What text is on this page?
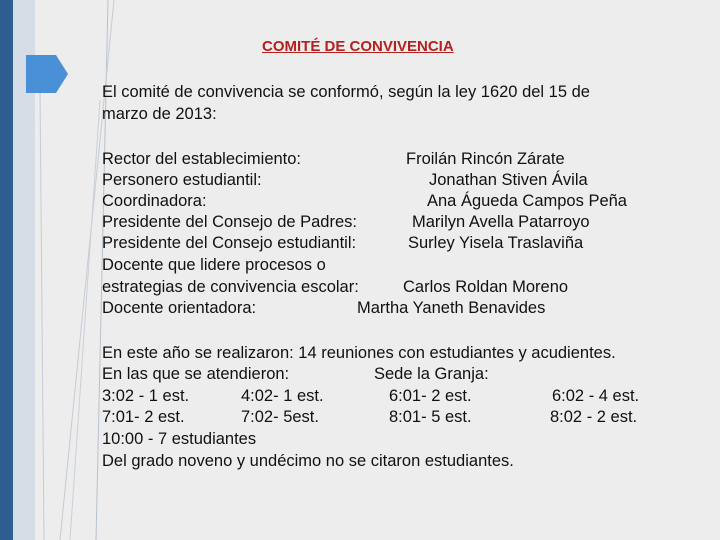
COMITÉ DE CONVIVENCIA
El comité de convivencia se conformó, según la ley 1620 del 15 de
marzo de 2013:
Rector del establecimiento:	Froilán Rincón Zárate
Personero estudiantil:	Jonathan Stiven Ávila
Coordinadora:	Ana Águeda Campos Peña
Presidente del Consejo de Padres:	Marilyn Avella Patarroyo
Presidente del Consejo estudiantil:	Surley Yisela Traslaviña
Docente que lidere procesos o
estrategias de convivencia escolar:	Carlos Roldan Moreno
Docente orientadora:	Martha Yaneth Benavides
En este año se realizaron: 14 reuniones con estudiantes y acudientes.
En las que se atendieron:	Sede la Granja:
3:02 - 1 est.	4:02- 1 est.	6:01- 2 est.	6:02 - 4 est.
7:01- 2 est.	7:02- 5est.	8:01- 5 est.	8:02 - 2 est.
10:00 - 7 estudiantes
Del grado noveno y undécimo no se citaron estudiantes.
